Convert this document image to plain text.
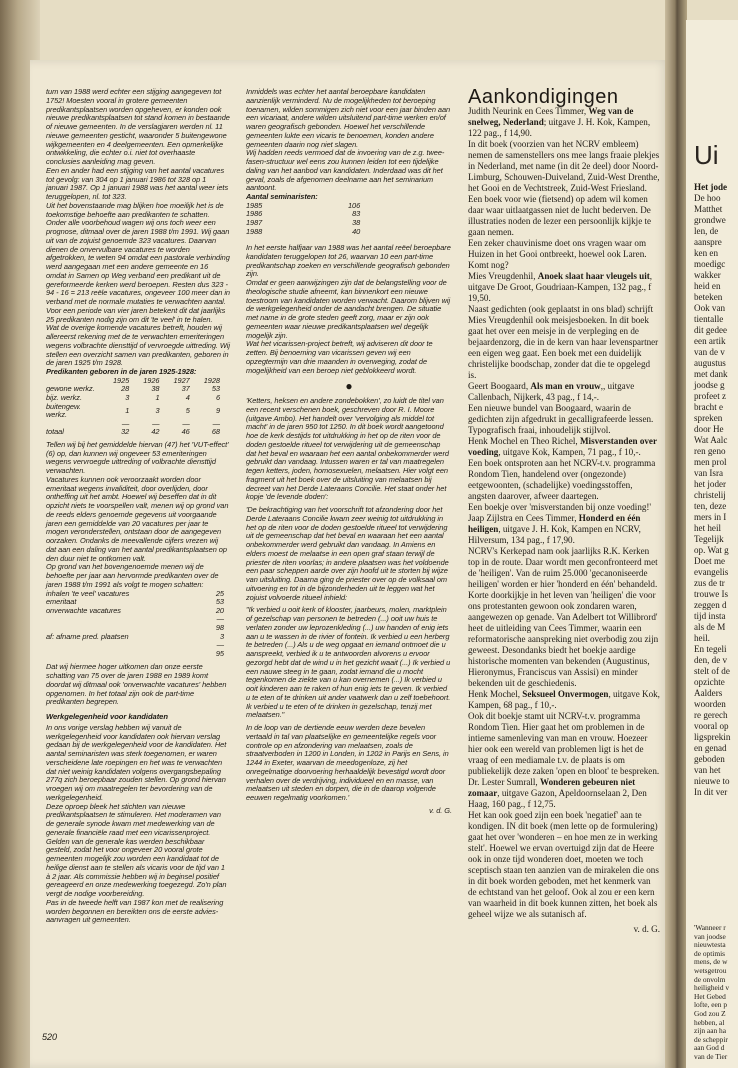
tum van 1988 werd echter een stijging aangegeven tot 1752! Moesten vooral in grotere gemeenten predikantsplaatsen worden opgeheven, er konden ook nieuwe predikantsplaatsen tot stand komen in bestaande of nieuwe gemeenten. In de verslagjaren werden nl. 11 nieuwe gemeenten gesticht, waaronder 5 buitengewone wijkgemeenten en 4 deelgemeenten. Een opmerkelijke ontwikkeling, die echter o.i. niet tot overhaaste conclusies aanleiding mag geven.

Een en ander had een stijging van het aantal vacatures tot gevolg: van 304 op 1 januari 1986 tot 328 op 1 januari 1987. Op 1 januari 1988 was het aantal weer iets teruggelopen, nl. tot 323.

Uit het bovenstaande mag blijken hoe moeilijk het is de toekomstige behoefte aan predikanten te schatten. Onder alle voorbehoud wagen wij ons toch weer een prognose, ditmaal over de jaren 1988 t/m 1991. Wij gaan uit van de zojuist genoemde 323 vacatures. Daarvan dienen de onvervulbare vacatures te worden afgetrokken, te weten 94 omdat een pastorale verbinding werd aangegaan met een andere gemeente en 16 omdat in Samen op Weg verband een predikant uit de gereformeerde kerken werd beroepen. Resten dus 323 - 94 - 16 = 213 reële vacatures, ongeveer 100 meer dan in verband met de normale mutaties te verwachten aantal. Voor een periode van vier jaren betekent dit dat jaarlijks 25 predikanten nodig zijn om dit 'te veel' in te halen.

Wat de overige komende vacatures betreft, houden wij allereerst rekening met de te verwachten emeriteringen wegens volbrachte diensttijd of vervroegde uittreding. Wij stellen een overzicht samen van predikanten, geboren in de jaren 1925 t/m 1928.

Predikanten geboren in de jaren 1925-1928:
	1925	1926	1927	1928
gewone werkz.	28	38	37	53
bijz. werkz.	3	1	4	6
buitengew. werkz.	1	3	5	9
	—	—	—	—
totaal	32	42	46	68

Tellen wij bij het gemiddelde hiervan (47) het 'VUT-effect' (6) op, dan kunnen wij ongeveer 53 emeriteringen wegens vervroegde uittreding of volbrachte diensttijd verwachten.

Vacatures kunnen ook veroorzaakt worden door emeritaat wegens invaliditeit, door overlijden, door ontheffing uit het ambt. Hoewel wij beseffen dat in dit opzicht niets te voorspellen valt, menen wij op grond van de reeds elders genoemde gegevens uit voorgaande jaren een gemiddelde van 20 vacatures per jaar te mogen veronderstellen, ontstaan door de aangegeven oorzaken. Ondanks de meevallende cijfers vrezen wij dat aan een daling van het aantal predikantsplaatsen op den duur niet te ontkomen valt.

Op grond van het bovengenoemde menen wij de behoefte per jaar aan hervormde predikanten over de jaren 1988 t/m 1991 als volgt te mogen schatten:

inhalen 'te veel' vacatures	25
emeritaat	53
onverwachte vacatures	20
	—
	98
af: afname pred. plaatsen	3
	—
	95

Dat wij hiermee hoger uitkomen dan onze eerste schatting van 75 over de jaren 1988 en 1989 komt doordat wij ditmaal ook 'onverwachte vacatures' hebben opgenomen. In het totaal zijn ook de part-time predikanten begrepen.

Werkgelegenheid voor kandidaten

In ons vorige verslag hebben wij vanuit de werkgelegenheid voor kandidaten ook hiervan verslag gedaan bij de werkgelegenheid voor de kandidaten. Het aantal seminaristen was sterk toegenomen, er waren verscheidene late roepingen en het was te verwachten dat niet weinig kandidaten volgens overgangsbepaling 277q zich beroepbaar zouden stellen. Op grond hiervan vroegen wij om maatregelen ter bevordering van de werkgelegenheid.

Deze oproep bleek het stichten van nieuwe predikantsplaatsen te stimuleren. Het moderamen van de generale synode kwam met medewerking van de generale financiële raad met een vicarissenproject. Gelden van de generale kas werden beschikbaar gesteld, zodat het voor ongeveer 20 vooral grote gemeenten mogelijk zou worden een kandidaat tot de heilige dienst aan te stellen als vicaris voor de tijd van 1 à 2 jaar. Als commissie hebben wij in beginsel positief gereageerd en onze medewerking toegezegd. Zo'n plan vergt de nodige voorbereiding.

Pas in de tweede helft van 1987 kon met de realisering worden begonnen en bereikten ons de eerste advies-aanvragen uit gemeenten.

Inmiddels was echter het aantal beroepbare kandidaten aanzienlijk verminderd. Nu de mogelijkheden tot beroeping toenamen, wilden sommigen zich niet voor een jaar binden aan een vicariaat, andere wilden uitsluitend part-time werken en/of waren geografisch gebonden. Hoewel het verschillende gemeenten lukte een vicaris te benoemen, konden andere gemeenten daarin nog niet slagen.

Wij hadden reeds vermoed dat de invoering van de z.g. twee-fasen-structuur wel eens zou kunnen leiden tot een tijdelijke daling van het aanbod van kandidaten. Inderdaad was dit het geval, zoals de afgenomen deelname aan het seminarium aantoont.

Aantal seminaristen:
1985	106
1986	83
1987	38
1988	40

In het eerste halfjaar van 1988 was het aantal reëel beroepbare kandidaten teruggelopen tot 26, waarvan 10 een part-time predikantschap zoeken en verschillende geografisch gebonden zijn.

Omdat er geen aanwijzingen zijn dat de belangstelling voor de theologische studie afneemt, kan binnenkort een nieuwe toestroom van kandidaten worden verwacht. Daarom blijven wij de werkgelegenheid onder de aandacht brengen. De situatie met name in de grote steden geeft zorg, maar er zijn ook gemeenten waar nieuwe predikantsplaatsen wel degelijk mogelijk zijn.

Wat het vicarissen-project betreft, wij adviseren dit door te zetten. Bij benoeming van vicarissen geven wij een opzegtermijn van drie maanden in overweging, zodat de mogelijkheid van een beroep niet geblokkeerd wordt.

●

'Ketters, heksen en andere zondebokken', zo luidt de titel van een recent verschenen boek, geschreven door R. I. Moore (uitgave Ambo). Het handelt over 'vervolging als middel tot macht' in de jaren 950 tot 1250. In dit boek wordt aangetoond hoe de kerk destijds tot uitdrukking in het op de riten voor de doden gestoelde ritueel tot verwijdering uit de gemeenschap dat het beval en waaraan het een aantal onbekommerder werd gebruikt dan vandaag. Intussen waren er tal van maatregelen tegen ketters, joden, homosexuelen, melaatsen. Hier volgt een fragment uit het boek over de uitsluiting van melaatsen bij decreet van het Derde Lateraans Concilie. Het staat onder het kopje 'de levende doden':

'De bekrachtiging van het voorschrift tot afzondering door het Derde Lateraans Concilie kwam zeer weinig tot uitdrukking in het op de riten voor de doden gestoelde ritueel tot verwijdering uit de gemeenschap dat het beval en waaraan het een aantal onbekommerder werd gebruikt dan vandaag. In Amiens en elders moest de melaatse in een open graf staan terwijl de priester de riten voorlas; in andere plaatsen was het voldoende een paar scheppen aarde over zijn hoofd uit te storten bij wijze van uitsluiting. Daarna ging de priester over op de volksaal om uitvoering en tot in de bijzonderheden uit te leggen wat het zojuist volvoerde ritueel inhield:

"Ik verbied u ooit kerk of klooster, jaarbeurs, molen, marktplein of gezelschap van personen te betreden (...) ooit uw huis te verlaten zonder uw leprozenkleding (...) uw handen of enig iets aan u te wassen in de rivier of fontein. Ik verbied u een herberg te betreden (...) Als u de weg opgaat en iemand ontmoet die u aanspreekt, verbied ik u te antwoorden alvorens u ervoor gezorgd hebt dat de wind u in het gezicht waait (...) Ik verbied u een nauwe steeg in te gaan, zodat iemand die u mocht tegenkomen de ziekte van u kan overnemen (...) Ik verbied u ooit kinderen aan te raken of hun enig iets te geven. Ik verbied u te eten of te drinken uit ander vaatwerk dan u zelf toebehoort. Ik verbied u te eten of te drinken in gezelschap, tenzij met melaatsen."

In de loop van de dertiende eeuw werden deze bevelen vertaald in tal van plaatselijke en gemeentelijke regels voor controle op en afzondering van melaatsen, zoals de straatverboden in 1200 in Londen, in 1202 in Parijs en Sens, in 1244 in Exeter, waarvan de meedogenloze, zij het onregelmatige doorvoering herhaaldelijk bevestigd wordt door verhalen over de verdrijving, individueel en en masse, van melaatsen uit steden en dorpen, die in de daarop volgende eeuwen regelmatig voorkomen.'

v. d. G.
Aankondigingen

Judith Neurink en Cees Timmer, Weg van de snelweg, Nederland; uitgave J. H. Kok, Kampen, 122 pag., f 14,90.

In dit boek (voorzien van het NCRV embleem) nemen de samenstellers ons mee langs fraaie plekjes in Nederland, met name (in dit 2e deel) door Noord-Limburg, Schouwen-Duiveland, Zuid-West Drenthe, het Gooi en de Vechtstreek, Zuid-West Friesland. Een boek voor wie (fietsend) op adem wil komen daar waar uitlaatgassen niet de lucht bederven. De illustraties noden de lezer een persoonlijk kijkje te gaan nemen.

Een zeker chauvinisme doet ons vragen waar om Huizen in het Gooi ontbreekt, hoewel ook Laren. Komt nog?

Mies Vreugdenhil, Anoek slaat haar vleugels uit, uitgave De Groot, Goudriaan-Kampen, 132 pag., f 19,50.

Naast gedichten (ook geplaatst in ons blad) schrijft Mies Vreugdenhil ook meisjesboeken. In dit boek gaat het over een meisje in de verpleging en de bejaardenzorg, die in de kern van haar levenspartner een eigen weg gaat. Een boek met een duidelijk christelijke boodschap, zonder dat die te opgelegd is.

Geert Boogaard, Als man en vrouw,, uitgave Callenbach, Nijkerk, 43 pag., f 14,-.

Een nieuwe bundel van Boogaard, waarin de gedichten zijn afgedrukt in gecalligrafeerde lessen. Typografisch fraai, inhoudelijk stijlvol.

Henk Mochel en Theo Richel, Misverstanden over voeding, uitgave Kok, Kampen, 71 pag., f 10,-.

Een boek ontsproten aan het NCRV-t.v. programma Rondom Tien, handelend over (ongezonde) eetgewoonten, (schadelijke) voedingsstoffen,

angsten daarover, afweer daartegen.

Een boekje over 'misverstanden bij onze voeding!'

Jaap Zijlstra en Cees Timmer, Honderd en één heiligen, uitgave J. H. Kok, Kampen en NCRV, Hilversum, 134 pag., f 17,90.

NCRV's Kerkepad nam ook jaarlijks R.K. Kerken top in de route. Daar wordt men geconfronteerd met de 'heiligen'. Van de ruim 25.000 'gecanoniseerde heiligen' worden er hier 'honderd en één' behandeld. Korte doorkijkje in het leven van 'heiligen' die voor ons protestanten gewoon ook zondaren waren, aangewezen op genade. Van Adelbert tot Willibrord' heet de uitleiding van Cees Timmer, waarin een reformatorische aanspreking niet overbodig zou zijn geweest. Desondanks biedt het boekje aardige historische momenten van bekenden (Augustinus, Hieronymus, Franciscus van Assisi) en minder bekenden uit de geschiedenis.

Henk Mochel, Seksueel Onvermogen, uitgave Kok, Kampen, 68 pag., f 10,-.

Ook dit boekje stamt uit NCRV-t.v. programma Rondom Tien. Hier gaat het om problemen in de intieme samenleving van man en vrouw. Hoezeer hier ook een wereld van problemen ligt is het de vraag of een mediamale t.v. de plaats is om publiekelijk deze zaken 'open en bloot' te bespreken.

Dr. Lester Sumrall, Wonderen gebeuren niet zomaar, uitgave Gazon, Apeldoornselaan 2, Den Haag, 160 pag., f 12,75.

Het kan ook goed zijn een boek 'negatief' aan te kondigen. IN dit boek (men lette op de formulering) gaat het over 'wonderen – en hoe men ze in werking stelt'. Hoewel we ervan overtuigd zijn dat de Heere ook in onze tijd wonderen doet, moeten we toch sceptisch staan ten aanzien van de mirakelen die ons in dit boek worden geboden, met het kenmerk van de echtstand van het geloof. Ook al zou er een kern van waarheid in dit boek kunnen zitten, het boek als geheel wijze we als sutanisch af.

v. d. G.
520
Ui
Het jode
De hoo
Matthet
grondwe
len, de
aanspre
ken en
moedigc
wakker
heid en
beteken
Ook van
tientalle
dit gedee
een artik
van de v
augustus
met dank
joodse g
profeet z
bracht e
spreken
door He
Wat Aalc
ren geno
men prol
van Isra
het joder
christelij
ten, deze
mers in I
het heil
Tegelijk
op. Wat g
Doet me
evangelis
zus de tr
trouwe Is
zeggen d
tijd insta
als de M
heil.
En tegeli
den, de v
stelt of de
opzichte
Aalders
woorden
re gerech
vooral op
ligsprekin
en genad
geboden
van het
nieuwe to
In dit ver
'Wanneer r
van joodse
nieuwtesta
de optimis
mens, de w
wetsgetrou
de onvolm
heiligheid v
Het Gebed
lofte, een p
God zou Z
hebben, al
zijn aan ha
de scheppir
aan God d
van de Tier
